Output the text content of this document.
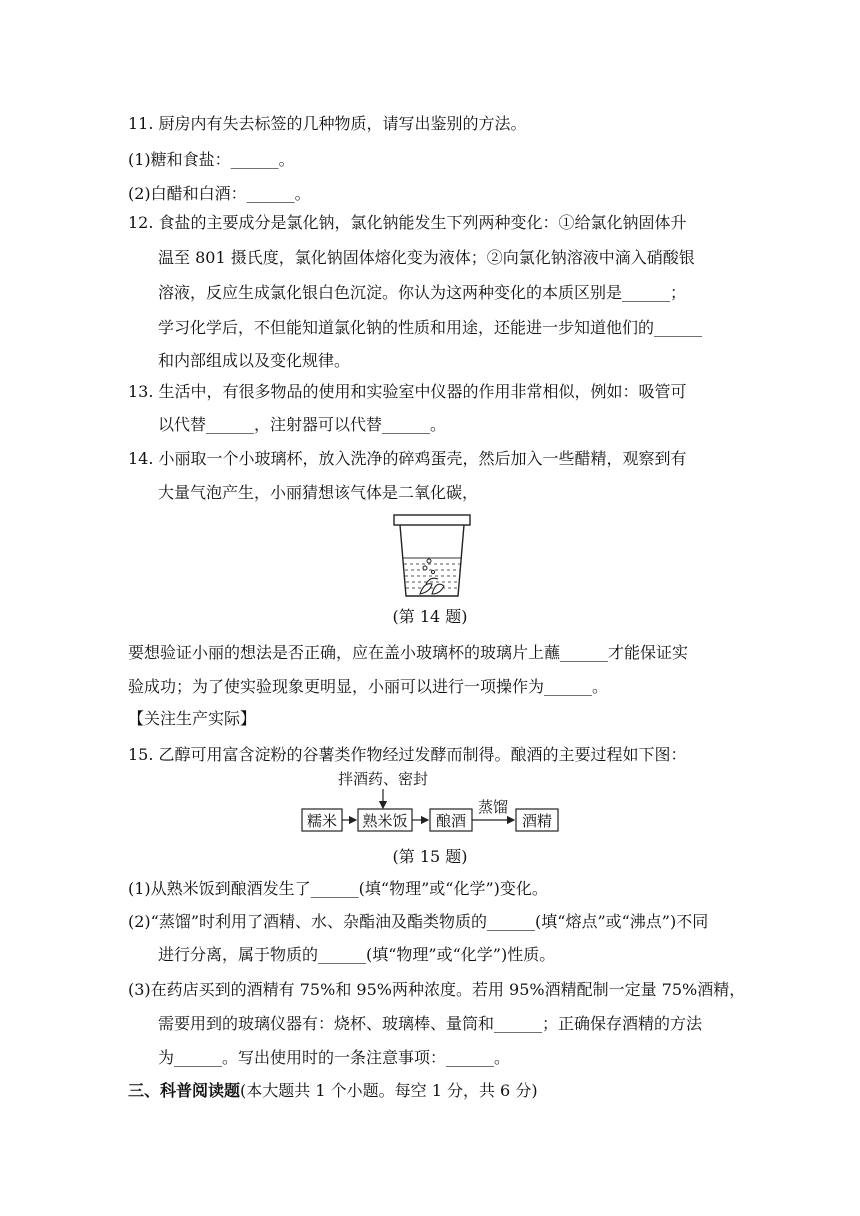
11. 厨房内有失去标签的几种物质，请写出鉴别的方法。
(1)糖和食盐：______。
(2)白醋和白酒：______。
12. 食盐的主要成分是氯化钠，氯化钠能发生下列两种变化：①给氯化钠固体升
温至 801 摄氏度，氯化钠固体熔化变为液体；②向氯化钠溶液中滴入硝酸银
溶液，反应生成氯化银白色沉淀。你认为这两种变化的本质区别是______；
学习化学后，不但能知道氯化钠的性质和用途，还能进一步知道他们的______
和内部组成以及变化规律。
13. 生活中，有很多物品的使用和实验室中仪器的作用非常相似，例如：吸管可
以代替______，注射器可以代替______。
14. 小丽取一个小玻璃杯，放入洗净的碎鸡蛋壳，然后加入一些醋精，观察到有
大量气泡产生，小丽猜想该气体是二氧化碳，
(第 14 题)
要想验证小丽的想法是否正确，应在盖小玻璃杯的玻璃片上蘸______才能保证实
验成功；为了使实验现象更明显，小丽可以进行一项操作为______。
【关注生产实际】
15. 乙醇可用富含淀粉的谷薯类作物经过发酵而制得。酿酒的主要过程如下图：
拌酒药、密封
糯米 熟米饭 酿酒
蒸馏
酒精
(第 15 题)
(1)从熟米饭到酿酒发生了______(填“物理”或“化学”)变化。
(2)“蒸馏”时利用了酒精、水、杂酯油及酯类物质的______(填“熔点”或“沸点”)不同
进行分离，属于物质的______(填“物理”或“化学”)性质。
(3)在药店买到的酒精有 75%和 95%两种浓度。若用 95%酒精配制一定量 75%酒精，
需要用到的玻璃仪器有：烧杯、玻璃棒、量筒和______；正确保存酒精的方法
为______。写出使用时的一条注意事项：______。
三、科普阅读题(本大题共 1 个小题。每空 1 分，共 6 分)
